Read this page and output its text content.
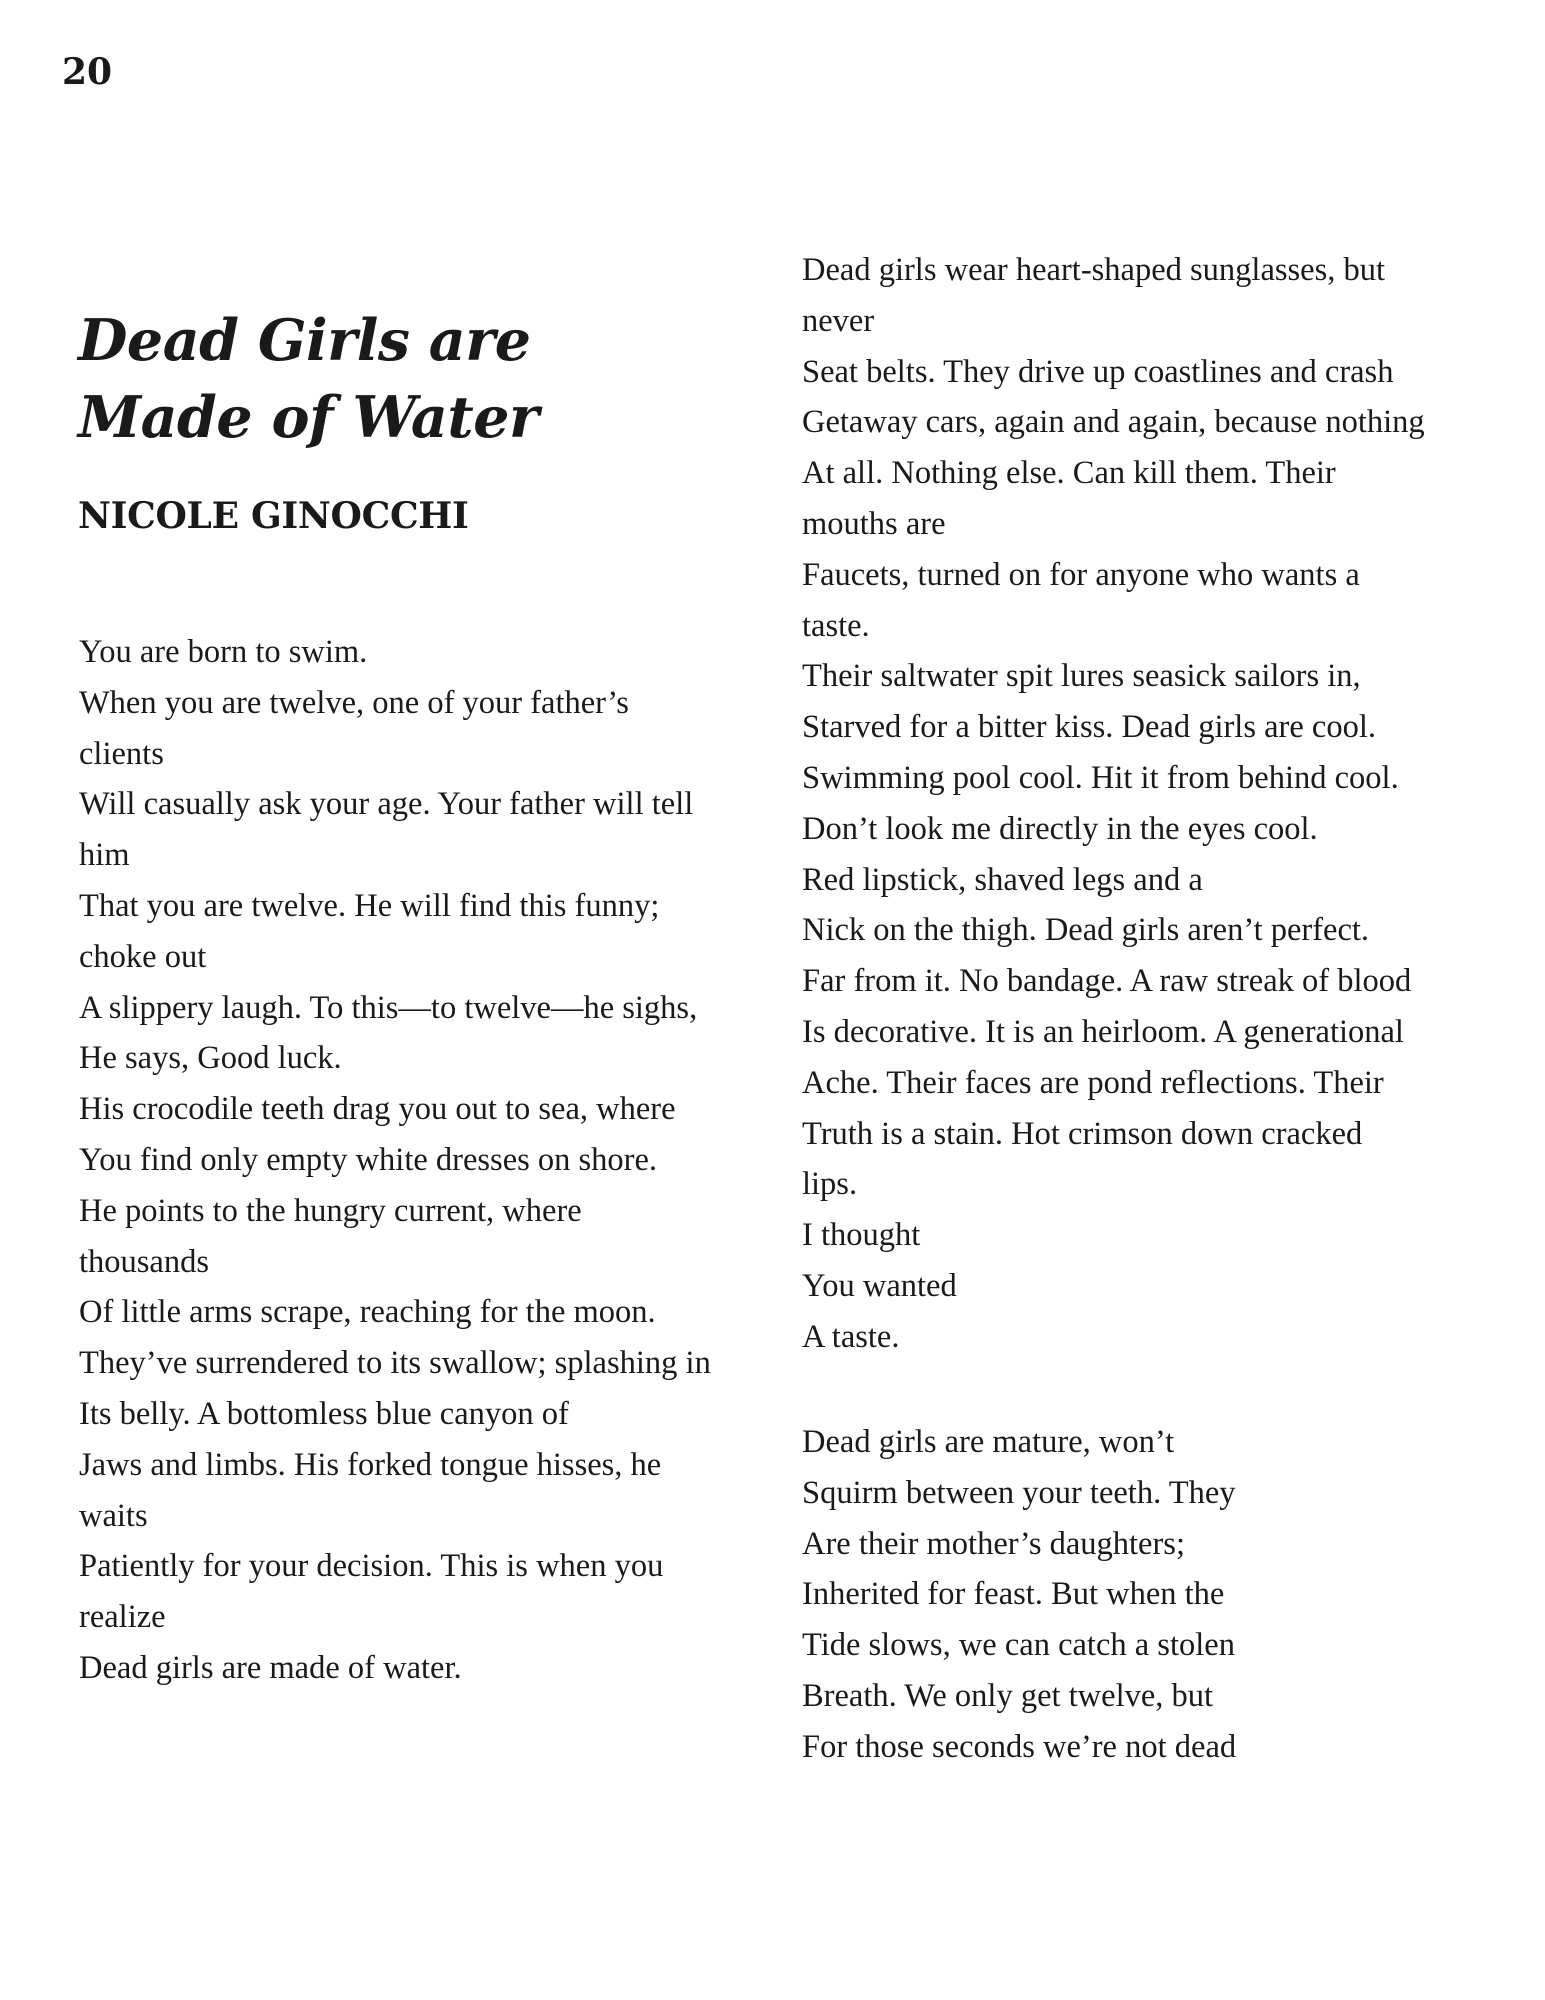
20
Dead Girls are
Made of Water
NICOLE GINOCCHI
You are born to swim.
When you are twelve, one of your father’s
clients
Will casually ask your age. Your father will tell
him
That you are twelve. He will find this funny;
choke out
A slippery laugh. To this––to twelve––he sighs,
He says, Good luck.
His crocodile teeth drag you out to sea, where
You find only empty white dresses on shore.
He points to the hungry current, where
thousands
Of little arms scrape, reaching for the moon.
They’ve surrendered to its swallow; splashing in
Its belly. A bottomless blue canyon of
Jaws and limbs. His forked tongue hisses, he
waits
Patiently for your decision. This is when you
realize
Dead girls are made of water.
Dead girls wear heart-shaped sunglasses, but
never
Seat belts. They drive up coastlines and crash
Getaway cars, again and again, because nothing
At all. Nothing else. Can kill them. Their
mouths are
Faucets, turned on for anyone who wants a
taste.
Their saltwater spit lures seasick sailors in,
Starved for a bitter kiss. Dead girls are cool.
Swimming pool cool. Hit it from behind cool.
Don’t look me directly in the eyes cool.
Red lipstick, shaved legs and a
Nick on the thigh. Dead girls aren’t perfect.
Far from it. No bandage. A raw streak of blood
Is decorative. It is an heirloom. A generational
Ache. Their faces are pond reflections. Their
Truth is a stain. Hot crimson down cracked
lips.
I thought
You wanted
A taste.
Dead girls are mature, won’t
Squirm between your teeth. They
Are their mother’s daughters;
Inherited for feast. But when the
Tide slows, we can catch a stolen
Breath. We only get twelve, but
For those seconds we’re not dead
